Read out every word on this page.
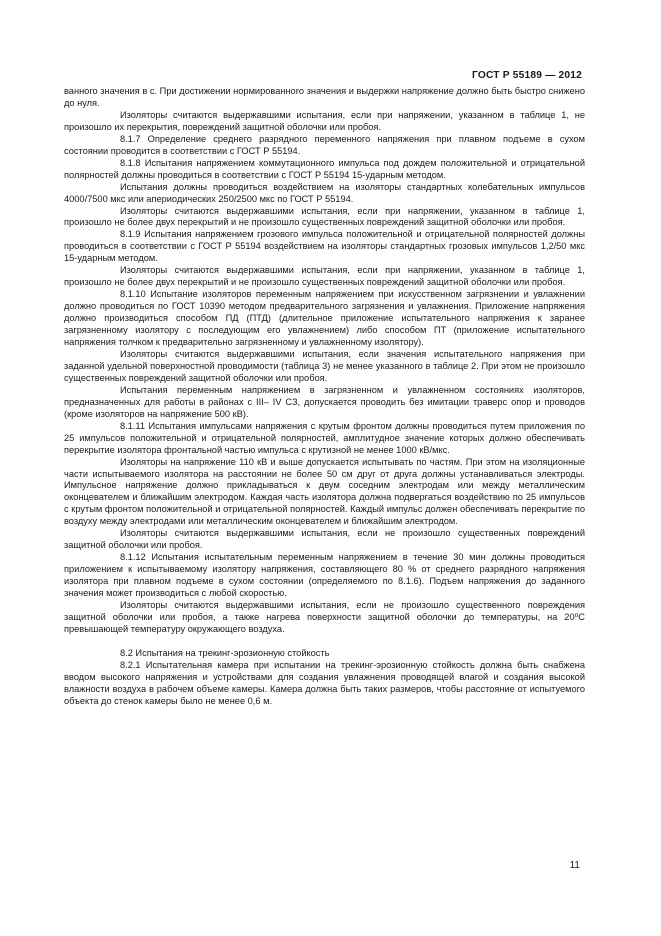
ГОСТ Р 55189 — 2012

ванного значения в с. При достижении нормированного значения и выдержки напряжение должно быть быстро снижено до нуля.

Изоляторы считаются выдержавшими испытания, если при напряжении, указанном в таблице 1, не произошло их перекрытия, повреждений защитной оболочки или пробоя.

8.1.7 Определение среднего разрядного переменного напряжения при плавном подъеме в сухом состоянии проводится в соответствии с ГОСТ Р 55194.

8.1.8 Испытания напряжением коммутационного импульса под дождем положительной и отрицательной полярностей должны проводиться в соответствии с ГОСТ Р 55194 15-ударным методом.

Испытания должны проводиться воздействием на изоляторы стандартных колебательных импульсов 4000/7500 мкс или апериодических 250/2500 мкс по ГОСТ Р 55194.

Изоляторы считаются выдержавшими испытания, если при напряжении, указанном в таблице 1, произошло не более двух перекрытий и не произошло существенных повреждений защитной оболочки или пробоя.

8.1.9 Испытания напряжением грозового импульса положительной и отрицательной полярностей должны проводиться в соответствии с ГОСТ Р 55194 воздействием на изоляторы стандартных грозовых импульсов 1,2/50 мкс 15-ударным методом.

Изоляторы считаются выдержавшими испытания, если при напряжении, указанном в таблице 1, произошло не более двух перекрытий и не произошло существенных повреждений защитной оболочки или пробоя.

8.1.10 Испытание изоляторов переменным напряжением при искусственном загрязнении и увлажнении должно проводиться по ГОСТ 10390 методом предварительного загрязнения и увлажнения. Приложение напряжения должно производиться способом ПД (ПТД) (длительное приложение испытательного напряжения к заранее загрязненному изолятору с последующим его увлажнением) либо способом ПТ (приложение испытательного напряжения толчком к предварительно загрязненному и увлажненному изолятору).

Изоляторы считаются выдержавшими испытания, если значения испытательного напряжения при заданной удельной поверхностной проводимости (таблица 3) не менее указанного в таблице 2. При этом не произошло существенных повреждений защитной оболочки или пробоя.

Испытания переменным напряжением в загрязненном и увлажненном состояниях изоляторов, предназначенных для работы в районах с III– IV СЗ, допускается проводить без имитации траверс опор и проводов (кроме изоляторов на напряжение 500 кВ).

8.1.11 Испытания импульсами напряжения с крутым фронтом должны проводиться путем приложения по 25 импульсов положительной и отрицательной полярностей, амплитудное значение которых должно обеспечивать перекрытие изолятора фронтальной частью импульса с крутизной не менее 1000 кВ/мкс.

Изоляторы на напряжение 110 кВ и выше допускается испытывать по частям. При этом на изоляционные части испытываемого изолятора на расстоянии не более 50 см друг от друга должны устанавливаться электроды. Импульсное напряжение должно прикладываться к двум соседним электродам или между металлическим оконцевателем и ближайшим электродом. Каждая часть изолятора должна подвергаться воздействию по 25 импульсов с крутым фронтом положительной и отрицательной полярностей. Каждый импульс должен обеспечивать перекрытие по воздуху между электродами или металлическим оконцевателем и ближайшим электродом.

Изоляторы считаются выдержавшими испытания, если не произошло существенных повреждений защитной оболочки или пробоя.

8.1.12 Испытания испытательным переменным напряжением в течение 30 мин должны проводиться приложением к испытываемому изолятору напряжения, составляющего 80 % от среднего разрядного напряжения изолятора при плавном подъеме в сухом состоянии (определяемого по 8.1.6). Подъем напряжения до заданного значения может производиться с любой скоростью.

Изоляторы считаются выдержавшими испытания, если не произошло существенного повреждения защитной оболочки или пробоя, а также нагрева поверхности защитной оболочки до температуры, на 20⁰С превышающей температуру окружающего воздуха.

8.2 Испытания на трекинг-эрозионную стойкость

8.2.1 Испытательная камера при испытании на трекинг-эрозионную стойкость должна быть снабжена вводом высокого напряжения и устройствами для создания увлажнения проводящей влагой и создания высокой влажности воздуха в рабочем объеме камеры. Камера должна быть таких размеров, чтобы расстояние от испытуемого объекта до стенок камеры было не менее 0,6 м.

11
